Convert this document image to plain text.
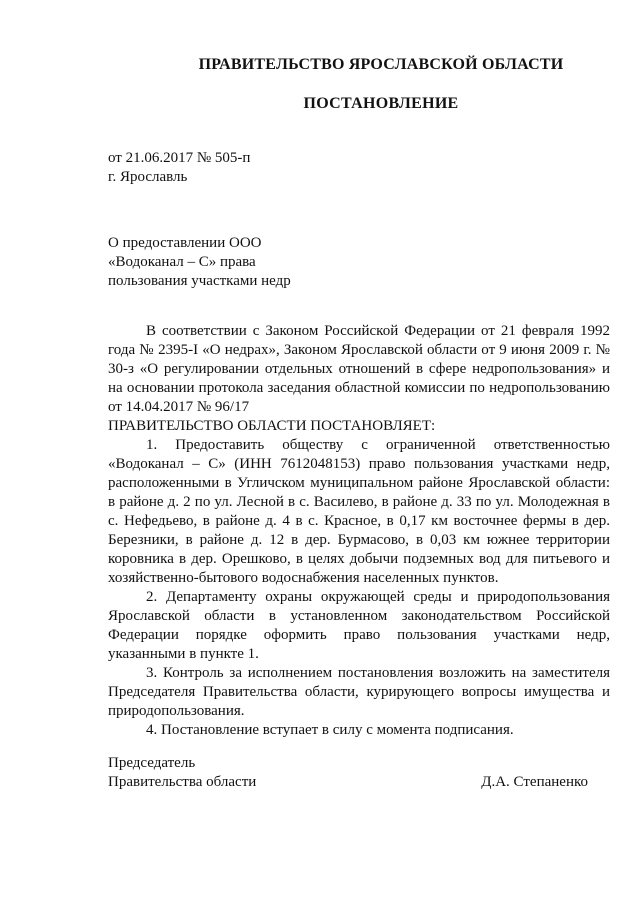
ПРАВИТЕЛЬСТВО ЯРОСЛАВСКОЙ ОБЛАСТИ
ПОСТАНОВЛЕНИЕ
от 21.06.2017 № 505-п
г. Ярославль
О предоставлении ООО
«Водоканал – С» права
пользования участками недр

В соответствии с Законом Российской Федерации от 21 февраля 1992 года № 2395-I «О недрах», Законом Ярославской области от 9 июня 2009 г. № 30-з «О регулировании отдельных отношений в сфере недропользования» и на основании протокола заседания областной комиссии по недропользованию от 14.04.2017 № 96/17

ПРАВИТЕЛЬСТВО ОБЛАСТИ ПОСТАНОВЛЯЕТ:

1. Предоставить обществу с ограниченной ответственностью «Водоканал – С» (ИНН 7612048153) право пользования участками недр, расположенными в Угличском муниципальном районе Ярославской области: в районе д. 2 по ул. Лесной в с. Василево, в районе д. 33 по ул. Молодежная в с. Нефедьево, в районе д. 4 в с. Красное, в 0,17 км восточнее фермы в дер. Березники, в районе д. 12 в дер. Бурмасово, в 0,03 км южнее территории коровника в дер. Орешково, в целях добычи подземных вод для питьевого и хозяйственно-бытового водоснабжения населенных пунктов.

2. Департаменту охраны окружающей среды и природопользования Ярославской области в установленном законодательством Российской Федерации порядке оформить право пользования участками недр, указанными в пункте 1.

3. Контроль за исполнением постановления возложить на заместителя Председателя Правительства области, курирующего вопросы имущества и природопользования.

4. Постановление вступает в силу с момента подписания.

Председатель
Правительства области	Д.А. Степаненко
